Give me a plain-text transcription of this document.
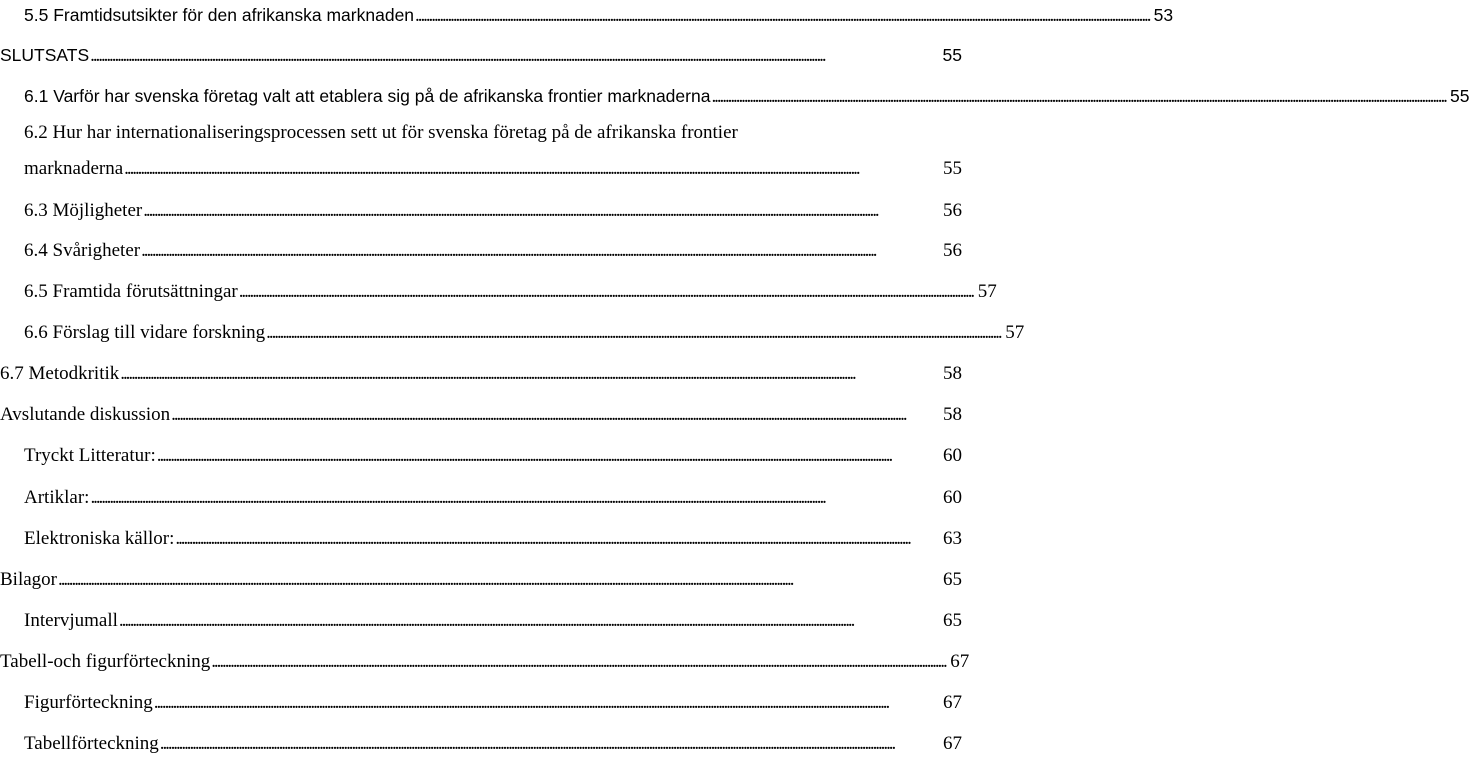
5.5 Framtidsutsikter för den afrikanska marknaden . . .	53
SLUTSATS . . .	55
6.1 Varför har svenska företag valt att etablera sig på de afrikanska frontier marknaderna . . .	55
6.2 Hur har internationaliseringsprocessen sett ut för svenska företag på de afrikanska frontier
marknaderna . . .	55
6.3 Möjligheter . . .	56
6.4 Svårigheter . . .	56
6.5 Framtida förutsättningar . . .	57
6.6 Förslag till vidare forskning . . .	57
6.7 Metodkritik . . .	58
Avslutande diskussion . . .	58
Tryckt Litteratur: . . .	60
Artiklar: . . .	60
Elektroniska källor: . . .	63
Bilagor . . .	65
Intervjumall . . .	65
Tabell-och figurförteckning . . .	67
Figurförteckning . . .	67
Tabellförteckning . . .	67
